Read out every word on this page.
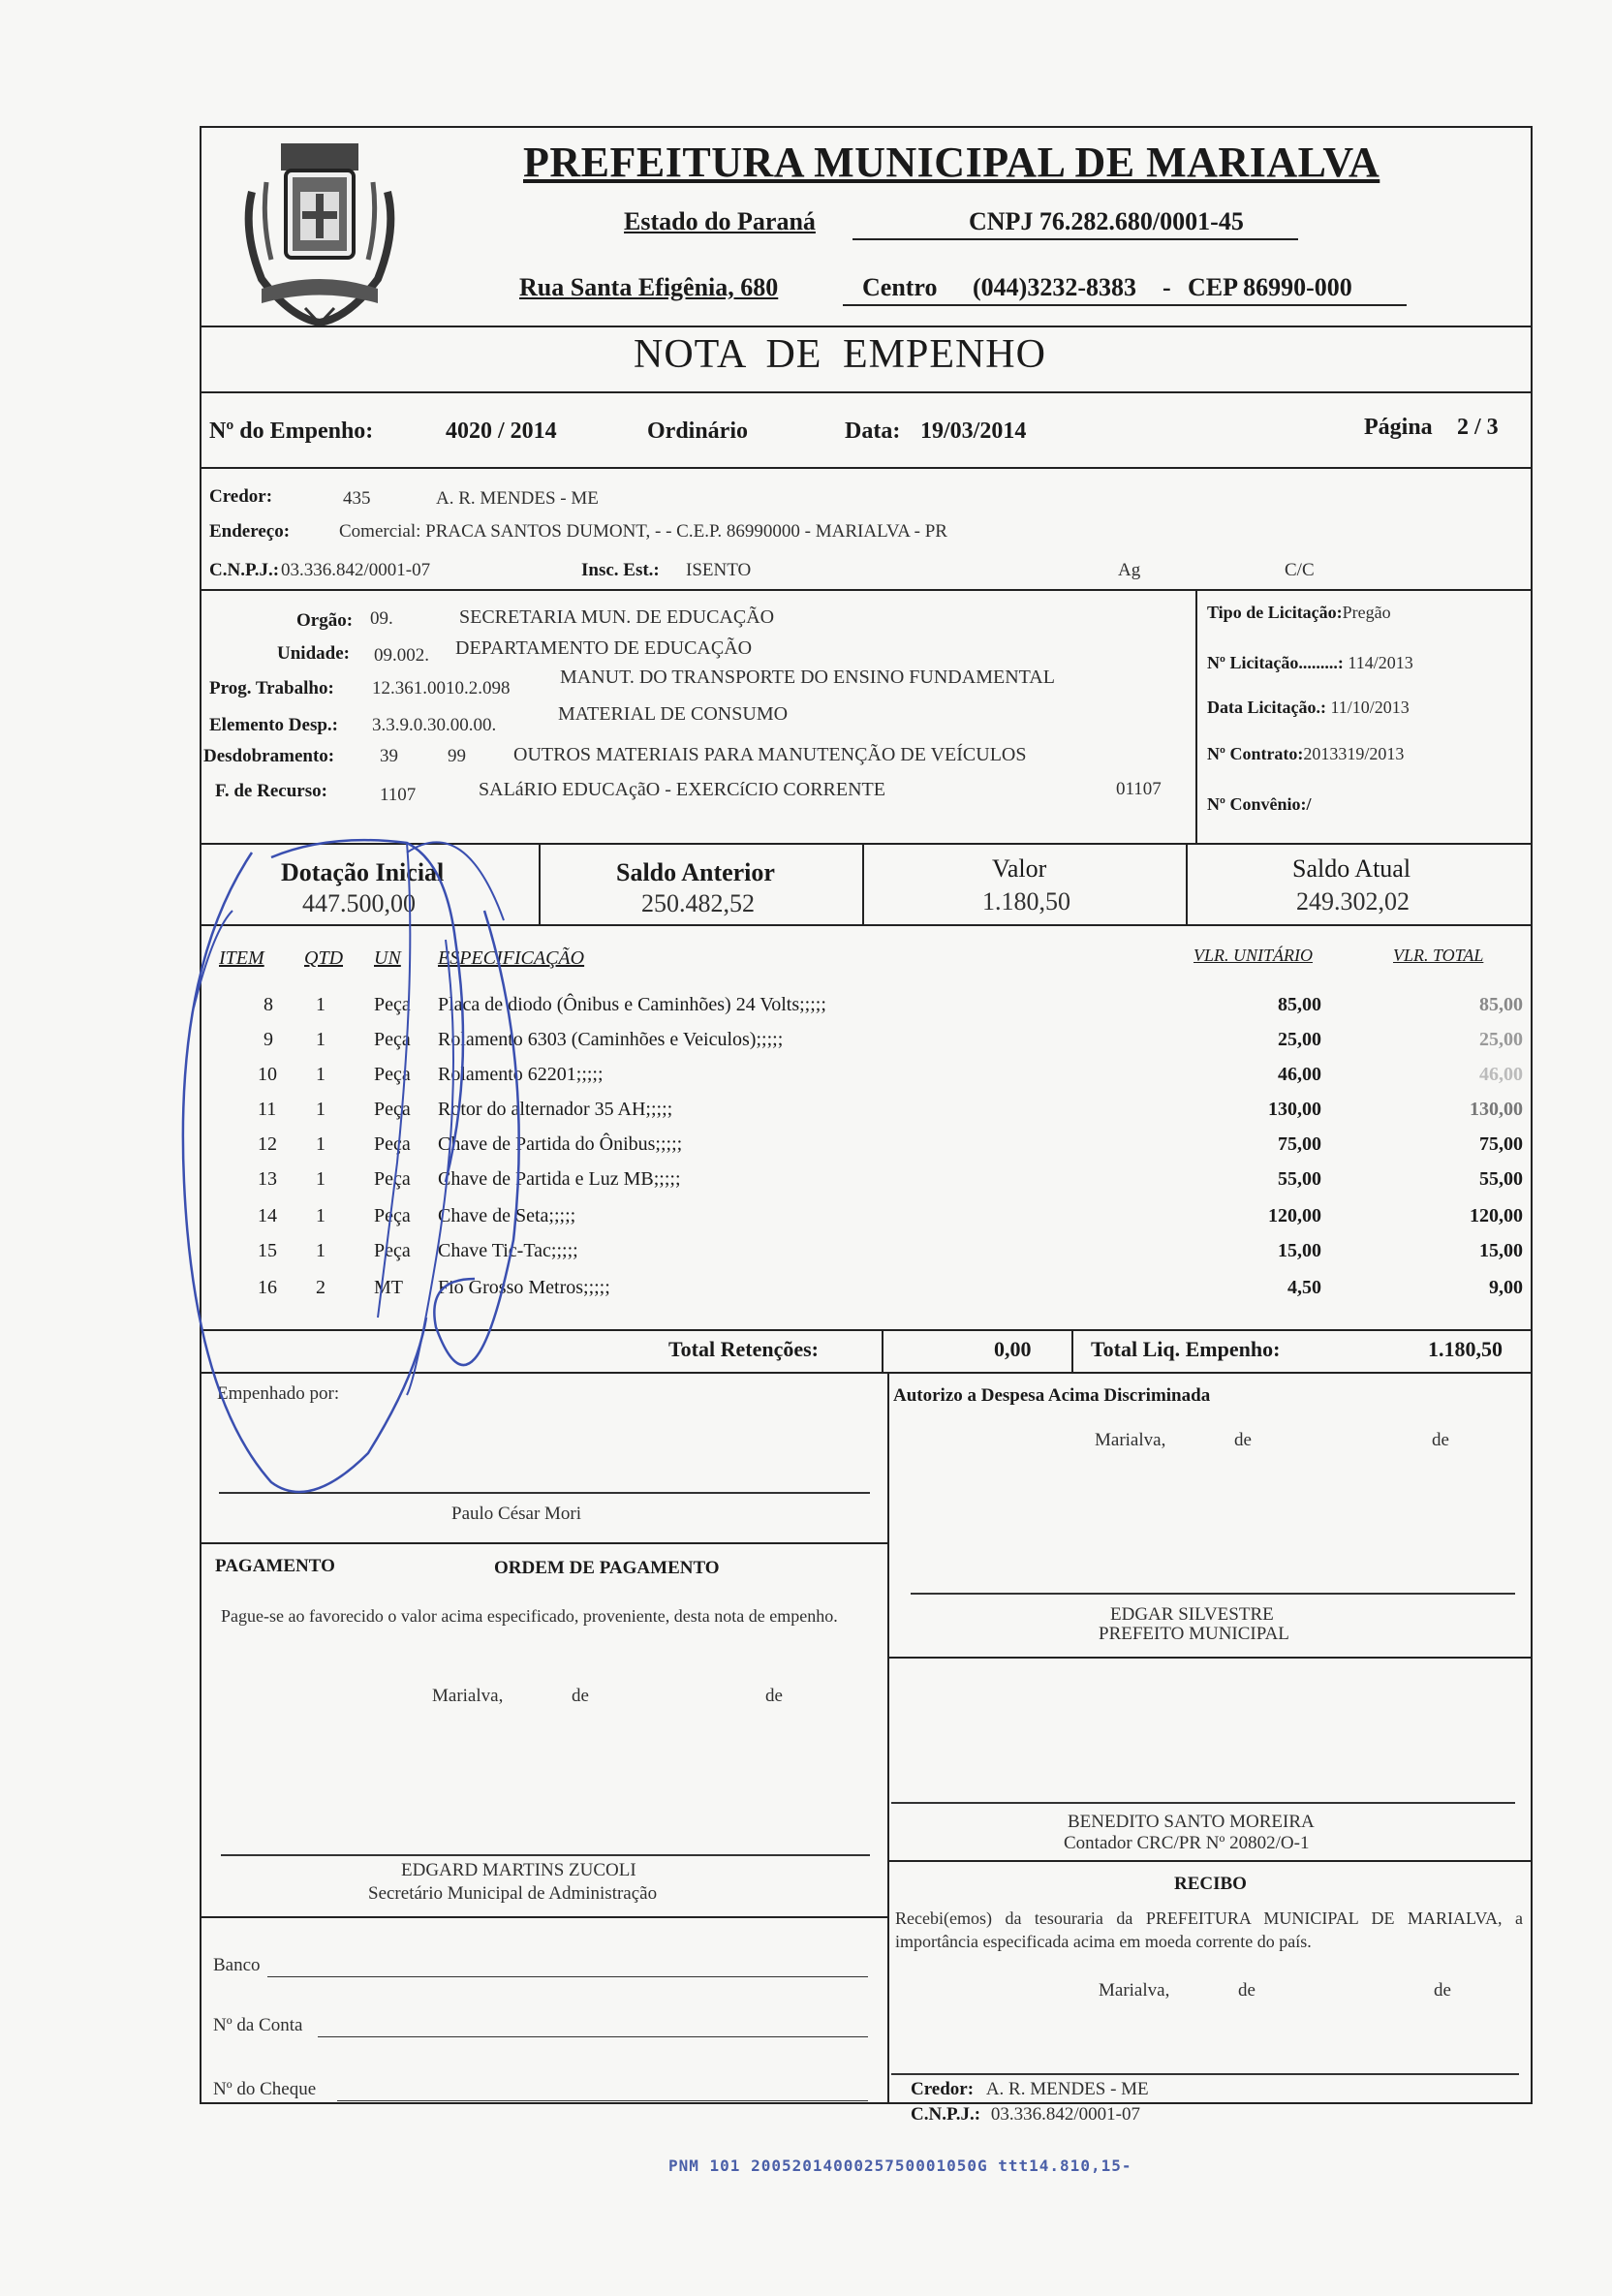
PREFEITURA MUNICIPAL DE MARIALVA
Estado do Paraná	CNPJ 76.282.680/0001-45
Rua Santa Efigênia, 680	Centro (044)3232-8383 - CEP 86990-000
NOTA DE EMPENHO
Nº do Empenho:	4020 / 2014	Ordinário	Data: 19/03/2014	Página 2 / 3
Credor:	435	A. R. MENDES - ME
Endereço:	Comercial: PRACA SANTOS DUMONT, - - C.E.P. 86990000 - MARIALVA - PR
C.N.P.J.: 03.336.842/0001-07	Insc. Est.: ISENTO	Ag	C/C
Orgão: 09.	SECRETARIA MUN. DE EDUCAÇÃO
Unidade: 09.002. DEPARTAMENTO DE EDUCAÇÃO
Prog. Trabalho: 12.361.0010.2.098
MANUT. DO TRANSPORTE DO ENSINO FUNDAMENTAL
Elemento Desp.: 3.3.9.0.30.00.00.
MATERIAL DE CONSUMO
Desdobramento: 39	99 OUTROS MATERIAIS PARA MANUTENÇÃO DE VEÍCULOS
F. de Recurso:	1107	SALáRIO EDUCAçãO - EXERCíCIO CORRENTE	01107
Tipo de Licitação:Pregão
Nº Licitação.........: 114/2013
Data Licitação.: 11/10/2013
Nº Contrato:2013319/2013
Nº Convênio:/
Dotação Inicial
447.500,00
Saldo Anterior
250.482,52
Valor
1.180,50
Saldo Atual
249.302,02
ITEM QTD UN ESPECIFICAÇÃO	VLR. UNITÁRIO	VLR. TOTAL
8 1	Peça Placa de diodo (Ônibus e Caminhões) 24 Volts;;;;;	85,00	85,00
9 1	Peça Rolamento 6303 (Caminhões e Veiculos);;;;;	25,00	25,00
10 1	Peça Rolamento 62201;;;;;	46,00	46,00
11 1	Peça Rotor do alternador 35 AH;;;;;	130,00	130,00
12 1	Peça Chave de Partida do Ônibus;;;;;	75,00	75,00
13 1	Peça Chave de Partida e Luz MB;;;;;	55,00	55,00
14 1	Peça Chave de Seta;;;;;	120,00	120,00
15 1	Peça Chave Tic-Tac;;;;;	15,00	15,00
16 2	MT Fio Grosso Metros;;;;;	4,50	9,00
Total Retenções:	0,00	Total Liq. Empenho:	1.180,50
Empenhado por:
Paulo César Mori
Autorizo a Despesa Acima Discriminada
Marialva,	de	de
PAGAMENTO	ORDEM DE PAGAMENTO
Pague-se ao favorecido o valor acima especificado, proveniente, desta nota de empenho.
Marialva,	de	de
EDGAR SILVESTRE
PREFEITO MUNICIPAL
BENEDITO SANTO MOREIRA
Contador CRC/PR Nº 20802/O-1
EDGARD MARTINS ZUCOLI
Secretário Municipal de Administração	RECIBO
Recebi(emos) da tesouraria da PREFEITURA MUNICIPAL DE MARIALVA, a importância especificada acima em moeda corrente do país.
Marialva,	de	de
Banco
Nº da Conta
Nº do Cheque	Credor: A. R. MENDES - ME
C.N.P.J.: 03.336.842/0001-07
PNM 101 2005201400025750001050G ttt14.810,15-
